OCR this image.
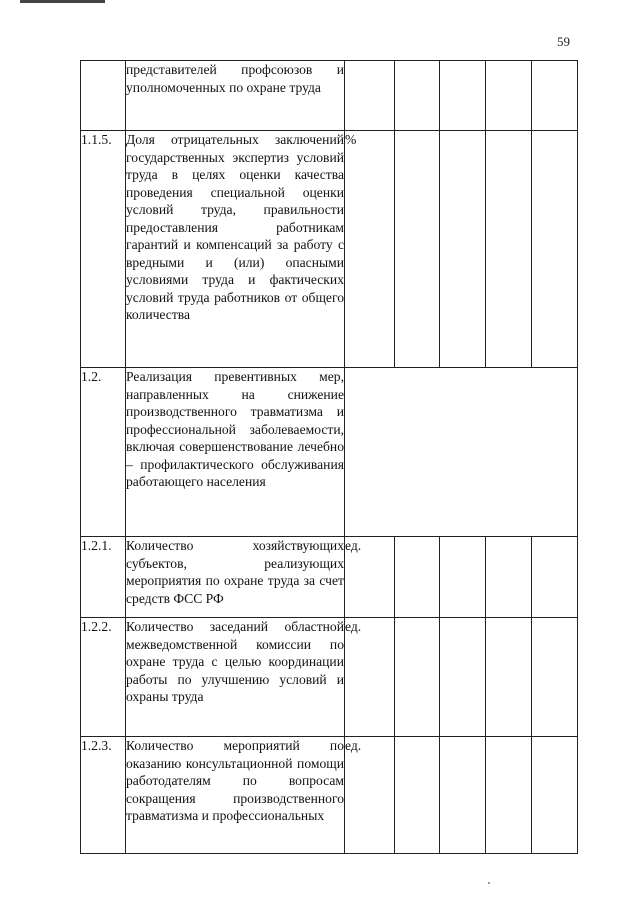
59
	представителей профсоюзов и уполномоченных по охране труда					
1.1.5.	Доля отрицательных заключений государственных экспертиз условий труда в целях оценки качества проведения специальной оценки условий труда, правильности предоставления работникам гарантий и компенсаций за работу с вредными и (или) опасными условиями труда и фактических условий труда работников от общего количества	%				
1.2.	Реализация превентивных мер, направленных на снижение производственного травматизма и профессиональной заболеваемости, включая совершенствование лечебно – профилактического обслуживания работающего населения					
1.2.1.	Количество хозяйствующих субъектов, реализующих мероприятия по охране труда за счет средств ФСС РФ	ед.				
1.2.2.	Количество заседаний областной межведомственной комиссии по охране труда с целью координации работы по улучшению условий и охраны труда	ед.				
1.2.3.	Количество мероприятий по оказанию консультационной помощи работодателям по вопросам сокращения производственного травматизма и профессиональных	ед.				
